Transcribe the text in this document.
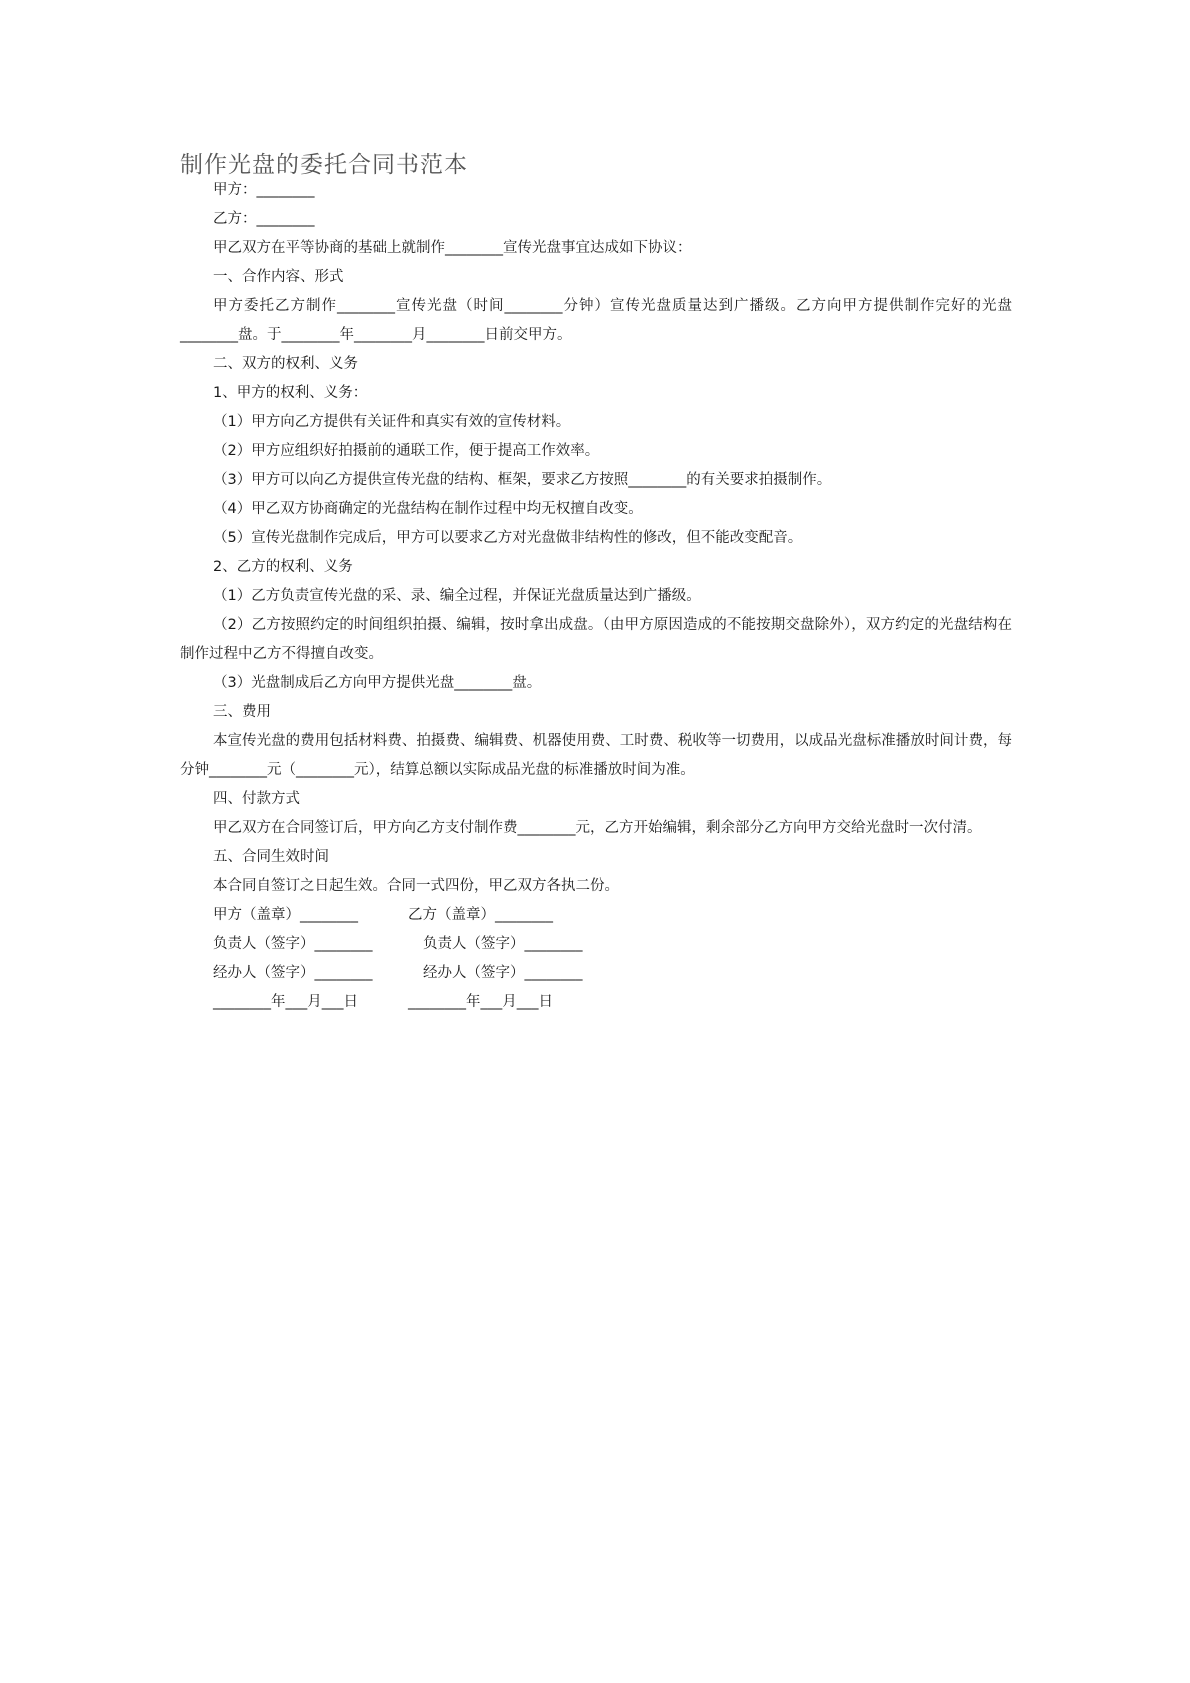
制作光盘的委托合同书范本

甲方：________

乙方：________

甲乙双方在平等协商的基础上就制作________宣传光盘事宜达成如下协议：

一、合作内容、形式

甲方委托乙方制作________宣传光盘（时间________分钟）宣传光盘质量达到广播级。乙方向甲方提供制作完好的光盘________盘。于________年________月________日前交甲方。

二、双方的权利、义务

1、甲方的权利、义务：

（1）甲方向乙方提供有关证件和真实有效的宣传材料。

（2）甲方应组织好拍摄前的通联工作，便于提高工作效率。

（3）甲方可以向乙方提供宣传光盘的结构、框架，要求乙方按照________的有关要求拍摄制作。

（4）甲乙双方协商确定的光盘结构在制作过程中均无权擅自改变。

（5）宣传光盘制作完成后，甲方可以要求乙方对光盘做非结构性的修改，但不能改变配音。

2、乙方的权利、义务

（1）乙方负责宣传光盘的采、录、编全过程，并保证光盘质量达到广播级。

（2）乙方按照约定的时间组织拍摄、编辑，按时拿出成盘。（由甲方原因造成的不能按期交盘除外），双方约定的光盘结构在制作过程中乙方不得擅自改变。

（3）光盘制成后乙方向甲方提供光盘________盘。

三、费用

本宣传光盘的费用包括材料费、拍摄费、编辑费、机器使用费、工时费、税收等一切费用，以成品光盘标准播放时间计费，每分钟________元（________元），结算总额以实际成品光盘的标准播放时间为准。

四、付款方式

甲乙双方在合同签订后，甲方向乙方支付制作费________元，乙方开始编辑，剩余部分乙方向甲方交给光盘时一次付清。

五、合同生效时间

本合同自签订之日起生效。合同一式四份，甲乙双方各执二份。

甲方（盖章）________	乙方（盖章）________
负责人（签字）________	负责人（签字）________
经办人（签字）________	经办人（签字）________
________年___月___日	________年___月___日
